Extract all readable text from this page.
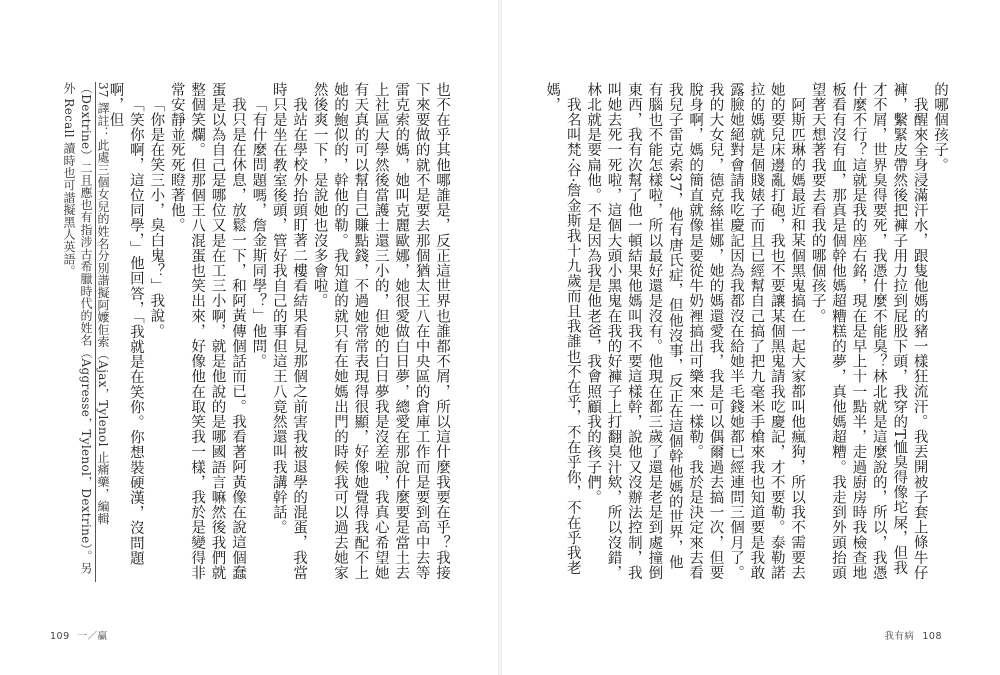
也不在乎其他哪誰是，反正這世界也誰都不屑，所以這什麼我要在乎？我接下來要做的就不是要去那個猶太王八在中央區的倉庫工作而是要到高中去等雷克索的媽，她叫克麗歐娜，她很愛做白日夢，總愛在那說什麼要是當土去上社區大學然後當護士還三小的，但她的白日夢我是沒差啦，我真心希望她有天真的可以幫自己賺點錢，不過她常常表現得很顯，好像她覺得我配不上她的鮑似的，幹他的勒。我知道的就只有在她媽出門的時候我可以過去她家然後爽一下，是說她也沒多會啦。

我站在學校外抬頭盯著二樓看結果看見那個之前害我被退學的混蛋，我當時只是坐在教室後頭，管好我自己的事但這王八竟然還叫我講幹話。

「有什麼問題嗎，詹金斯同學？」他問。

我只是在休息，放鬆一下，和阿黃傳個話而已。我看著阿黃像在說這個蠢蛋是以為自己是哪位又是在工三小啊，就是他說的是哪國語言嘛然後我們就整個笑爛。但那個王八混蛋也笑出來，好像他在取笑我一樣，我於是變得非常安靜並死死瞪著他。

「你是在笑三小，臭白鬼？」我說。

「笑你啊，這位同學，」他回答，「我就是在笑你。你想裝硬漢，沒問題啊，但

37 譯註：此處三個女兒的姓名分別諧擬阿嬤佢索（Ajax，Tylenol 止痛藥，編輯（Dextrine）二且應也有指涉古希臘時代的姓名（Aggresse，Tylenol，Dextrine）。另外 Recall 讀時也可諧擬黑人英語。
109 一／贏

的哪個孩子。

我醒來全身浸滿汗水，跟隻他媽的豬一樣狂流汗。我丟開被子套上條牛仔褲，繫緊皮帶然後把褲子用力拉到屁股下頭，我穿的T恤臭得像坨屎，但我才不屑，世界臭得要死，我憑什麼不能臭？林北就是這麼說的，所以，我憑什麼不行？這就是我的座右銘，現在是早上十一點半，走過廚房時我檢查地板看有沒有血，那真是個幹他媽超糟糕的夢，真他媽超糟。我走到外頭抬頭望著天想著我要去看我的哪個孩子。

阿斯匹琳的媽最近和某個黑鬼搞在一起大家都叫他瘋狗，所以我不需要去她的要兒床邊亂打砲，我也不要讓某個黑鬼請我吃慶記，才不要勒。泰勒諾拉的媽就是個賤婊子而且已經幫自己搞了把九毫米手槍來我也知道要是我敢露臉她絕對會請我吃慶記因為我都沒在給她半毛錢她都已經連問三個月了。我的大女兒，德克絲崔娜，她的媽還愛我，我是可以偶爾過去搞一次，但要脫身啊，媽的簡直就像是要從牛奶裡搞出可樂來一樣勒。我於是決定來去看我兒子雷克索37，他有唐氏症，但他沒事，反正在這個幹他媽的世界，他有腦也不能怎樣啦，所以最好還是沒有。他現在都三歲了還是老是到處撞倒東西，我有次幫了他一頓結果他媽叫我不要這樣幹，說他又沒辦法控制，我叫她去死一死啦，這個大頭小黑鬼在我的好褲子上打翻臭汁欸，所以沒錯，林北就是要扁他。不是因為我是他老爸，我會照顧我的孩子們。

我名叫梵·谷·詹金斯我十九歲而且我誰也不在乎，不在乎你，不在乎我老媽，

我有病 108
